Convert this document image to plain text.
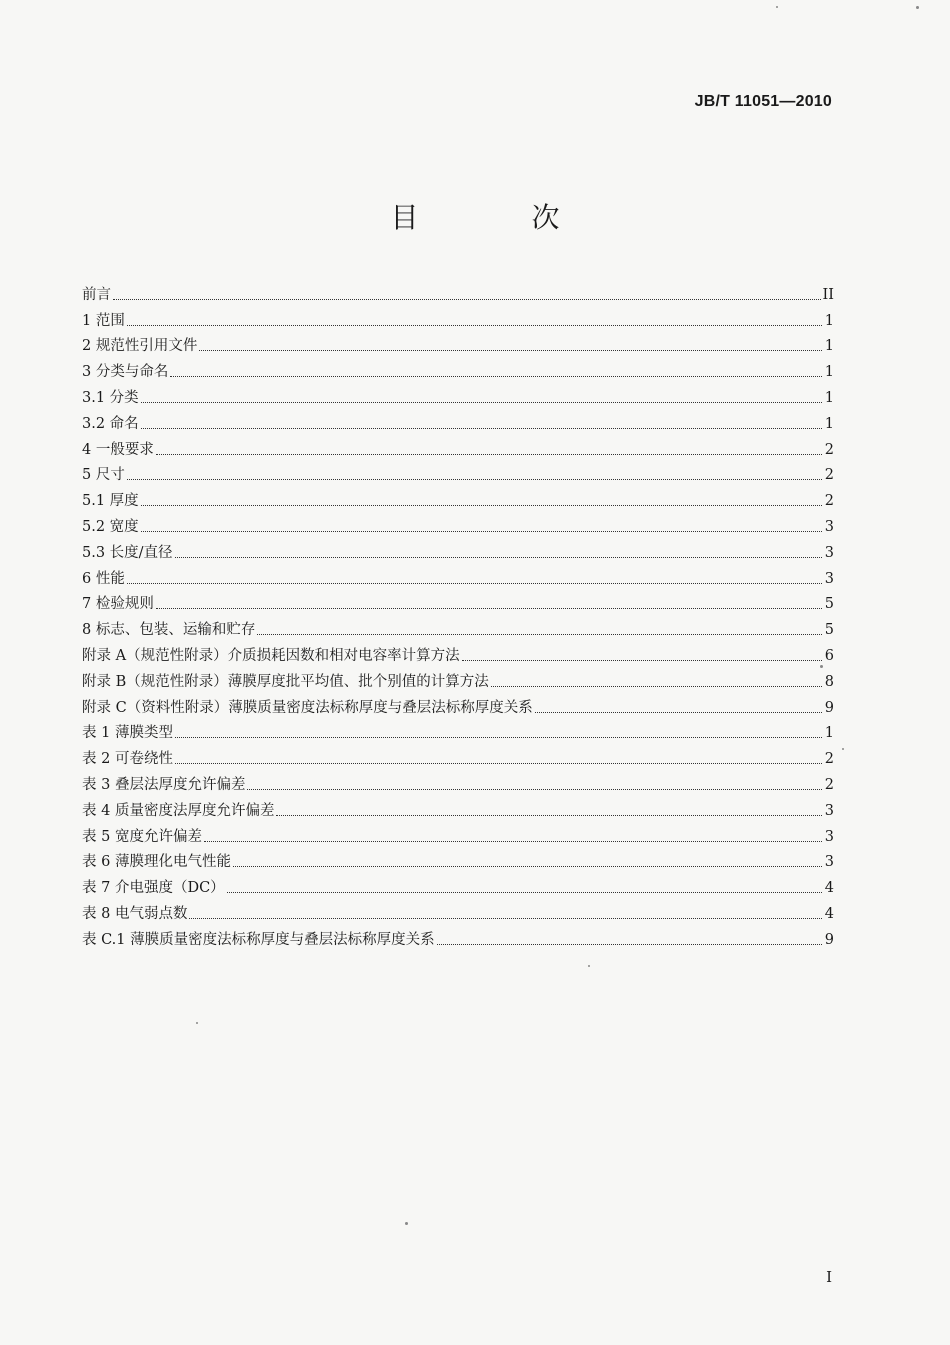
JB/T 11051—2010
目 次
前言	II
1 范围	1
2 规范性引用文件	1
3 分类与命名	1
3.1 分类	1
3.2 命名	1
4 一般要求	2
5 尺寸	2
5.1 厚度	2
5.2 宽度	3
5.3 长度/直径	3
6 性能	3
7 检验规则	5
8 标志、包装、运输和贮存	5
附录 A（规范性附录）介质损耗因数和相对电容率计算方法	6
附录 B（规范性附录）薄膜厚度批平均值、批个别值的计算方法	8
附录 C（资料性附录）薄膜质量密度法标称厚度与叠层法标称厚度关系	9
表 1 薄膜类型	1
表 2 可卷绕性	2
表 3 叠层法厚度允许偏差	2
表 4 质量密度法厚度允许偏差	3
表 5 宽度允许偏差	3
表 6 薄膜理化电气性能	3
表 7 介电强度（DC）	4
表 8 电气弱点数	4
表 C.1 薄膜质量密度法标称厚度与叠层法标称厚度关系	9
I
